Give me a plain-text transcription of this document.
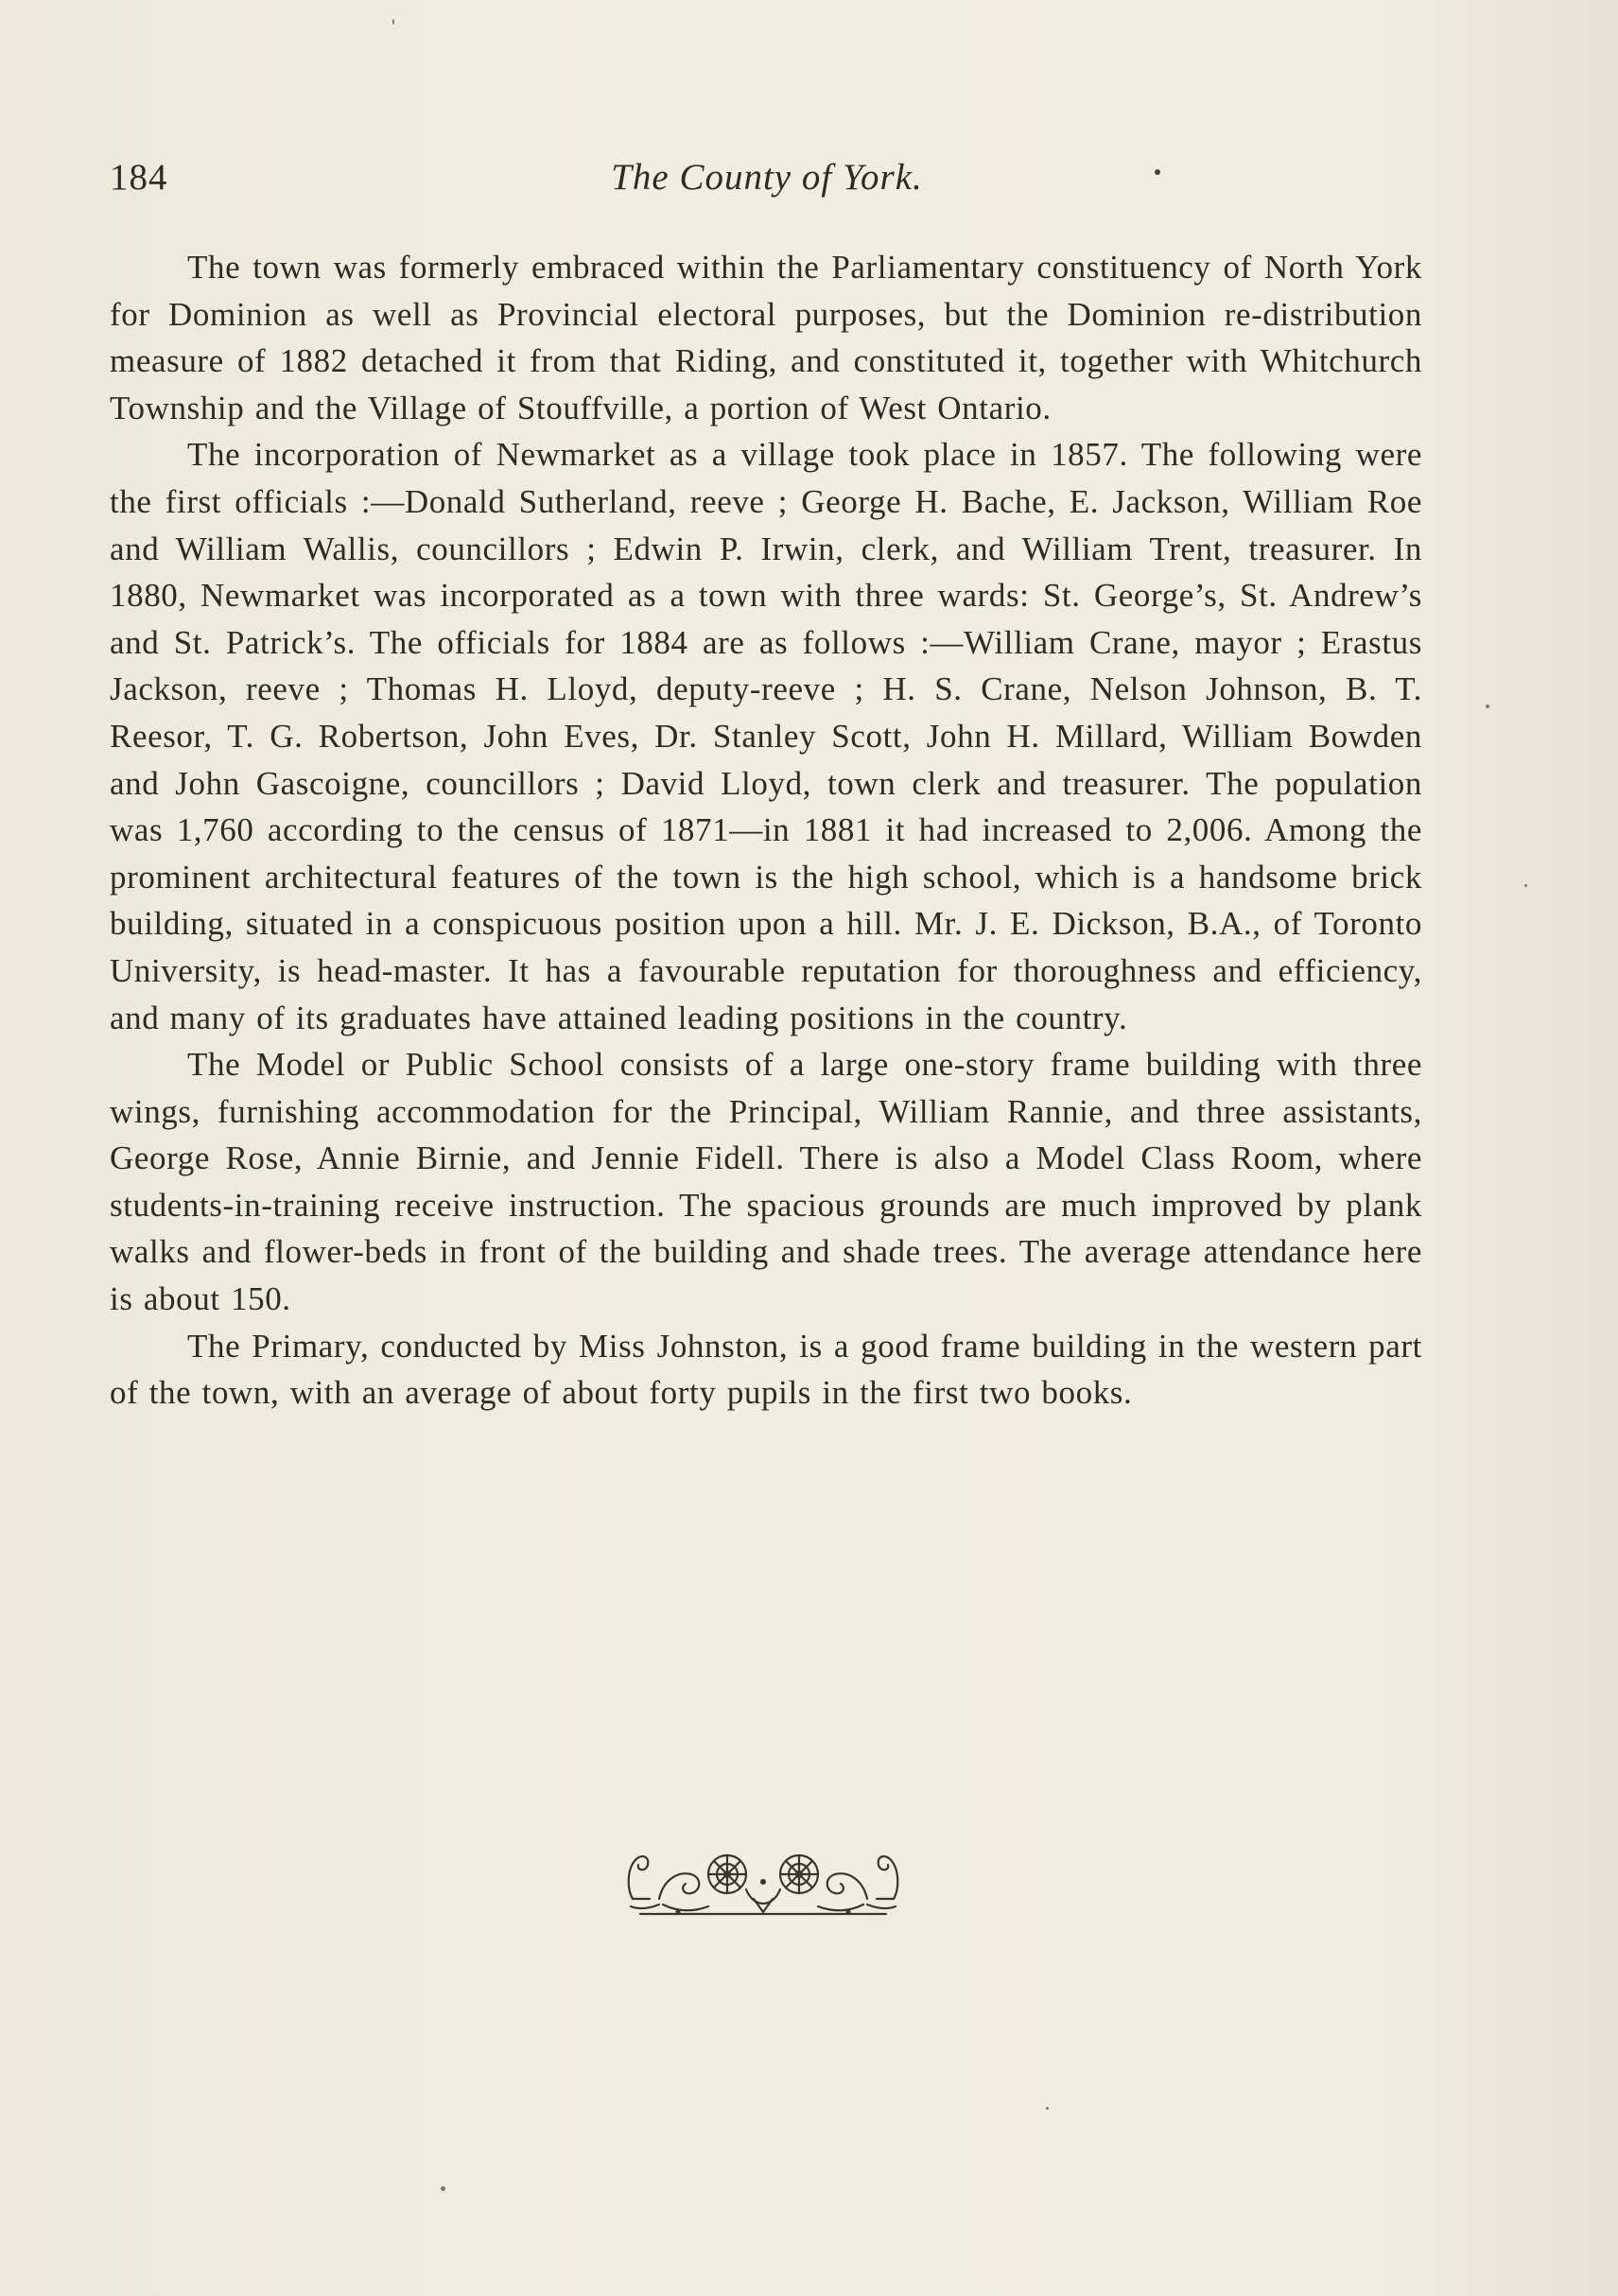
184	The County of York.

The town was formerly embraced within the Parliamentary constituency of North York for Dominion as well as Provincial electoral purposes, but the Dominion re-distribution measure of 1882 detached it from that Riding, and constituted it, together with Whitchurch Township and the Village of Stouffville, a portion of West Ontario.

The incorporation of Newmarket as a village took place in 1857. The following were the first officials :—Donald Sutherland, reeve ; George H. Bache, E. Jackson, William Roe and William Wallis, councillors ; Edwin P. Irwin, clerk, and William Trent, treasurer. In 1880, Newmarket was incorporated as a town with three wards: St. George’s, St. Andrew’s and St. Patrick’s. The officials for 1884 are as follows :—William Crane, mayor ; Erastus Jackson, reeve ; Thomas H. Lloyd, deputy-reeve ; H. S. Crane, Nelson Johnson, B. T. Reesor, T. G. Robertson, John Eves, Dr. Stanley Scott, John H. Millard, William Bowden and John Gascoigne, councillors ; David Lloyd, town clerk and treasurer. The population was 1,760 according to the census of 1871—in 1881 it had increased to 2,006. Among the prominent architectural features of the town is the high school, which is a handsome brick building, situated in a conspicuous position upon a hill. Mr. J. E. Dickson, B.A., of Toronto University, is head-master. It has a favourable reputation for thoroughness and efficiency, and many of its graduates have attained leading positions in the country.

The Model or Public School consists of a large one-story frame building with three wings, furnishing accommodation for the Principal, William Rannie, and three assistants, George Rose, Annie Birnie, and Jennie Fidell. There is also a Model Class Room, where students-in-training receive instruction. The spacious grounds are much improved by plank walks and flower-beds in front of the building and shade trees. The average attendance here is about 150.

The Primary, conducted by Miss Johnston, is a good frame building in the western part of the town, with an average of about forty pupils in the first two books.
